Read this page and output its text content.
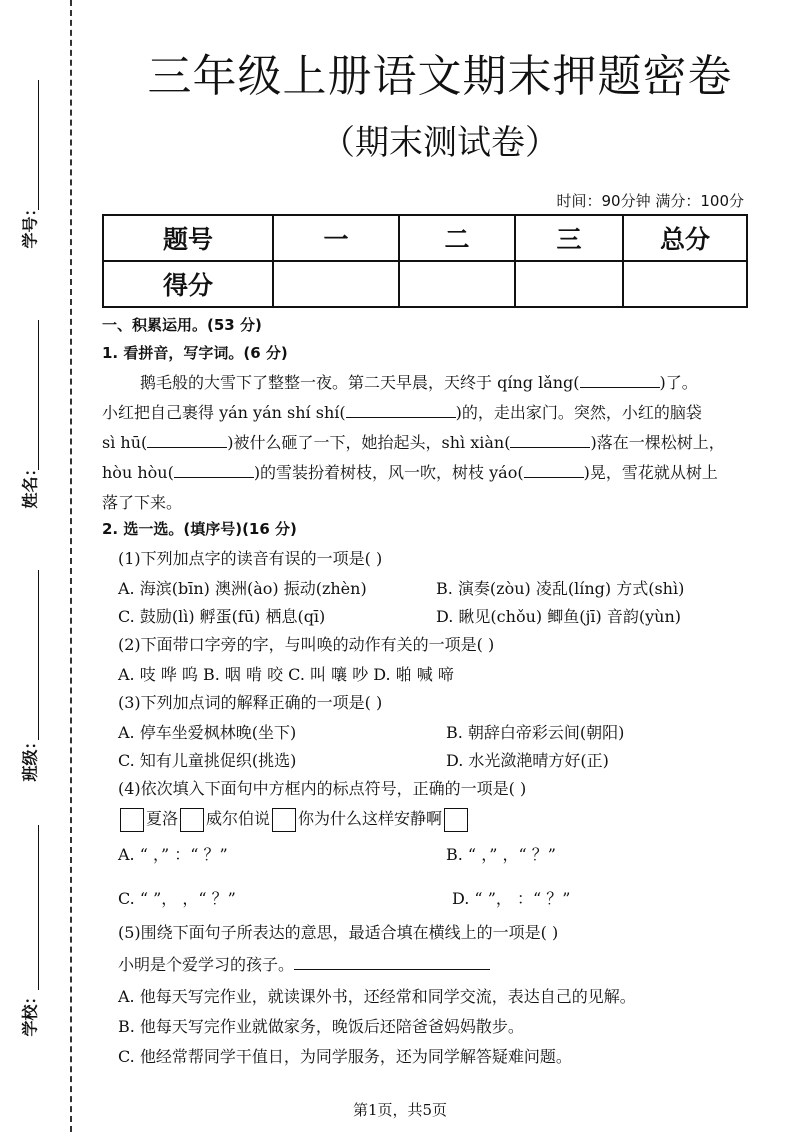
学号：
姓名：
班级：
学校：
三年级上册语文期末押题密卷
（期末测试卷）
时间：90分钟 满分：100分
题号	一	二	三	总分
得分				
一、积累运用。(53 分)
1. 看拼音，写字词。(6 分)
鹅毛般的大雪下了整整一夜。第二天早晨，天终于 qíng lǎng(	)了。
小红把自己裹得 yán yán shí shí(	)的，走出家门。突然，小红的脑袋
sì hū(	)被什么砸了一下，她抬起头，shì xiàn(	)落在一棵松树上，
hòu hòu(	)的雪装扮着树枝，风一吹，树枝 yáo(	)晃，雪花就从树上
落了下来。
2. 选一选。(填序号)(16 分)
(1)下列加点字的读音有误的一项是( )
A. 海滨(bīn) 澳洲(ào) 振动(zhèn)	B. 演奏(zòu) 凌乱(líng) 方式(shì)
C. 鼓励(lì) 孵蛋(fū) 栖息(qī)	D. 瞅见(chǒu) 鲫鱼(jī) 音韵(yùn)
(2)下面带口字旁的字，与叫唤的动作有关的一项是( )
A. 吱 哗 呜 B. 咽 啃 咬 C. 叫 嚷 吵 D. 啪 喊 啼
(3)下列加点词的解释正确的一项是( )
A. 停车坐爱枫林晚(坐下)	B. 朝辞白帝彩云间(朝阳)
C. 知有儿童挑促织(挑选)	D. 水光潋滟晴方好(正)
(4)依次填入下面句中方框内的标点符号，正确的一项是( )
夏洛 威尔伯说 你为什么这样安静啊
A. “ ，” ：“ ？”	B. “ ，” ，“ ？”
C. “ ”， ，“ ？”	D. “ ”， ：“ ？”
(5)围绕下面句子所表达的意思，最适合填在横线上的一项是( )
小明是个爱学习的孩子。
A. 他每天写完作业，就读课外书，还经常和同学交流，表达自己的见解。
B. 他每天写完作业就做家务，晚饭后还陪爸爸妈妈散步。
C. 他经常帮同学干值日，为同学服务，还为同学解答疑难问题。
第1页，共5页
